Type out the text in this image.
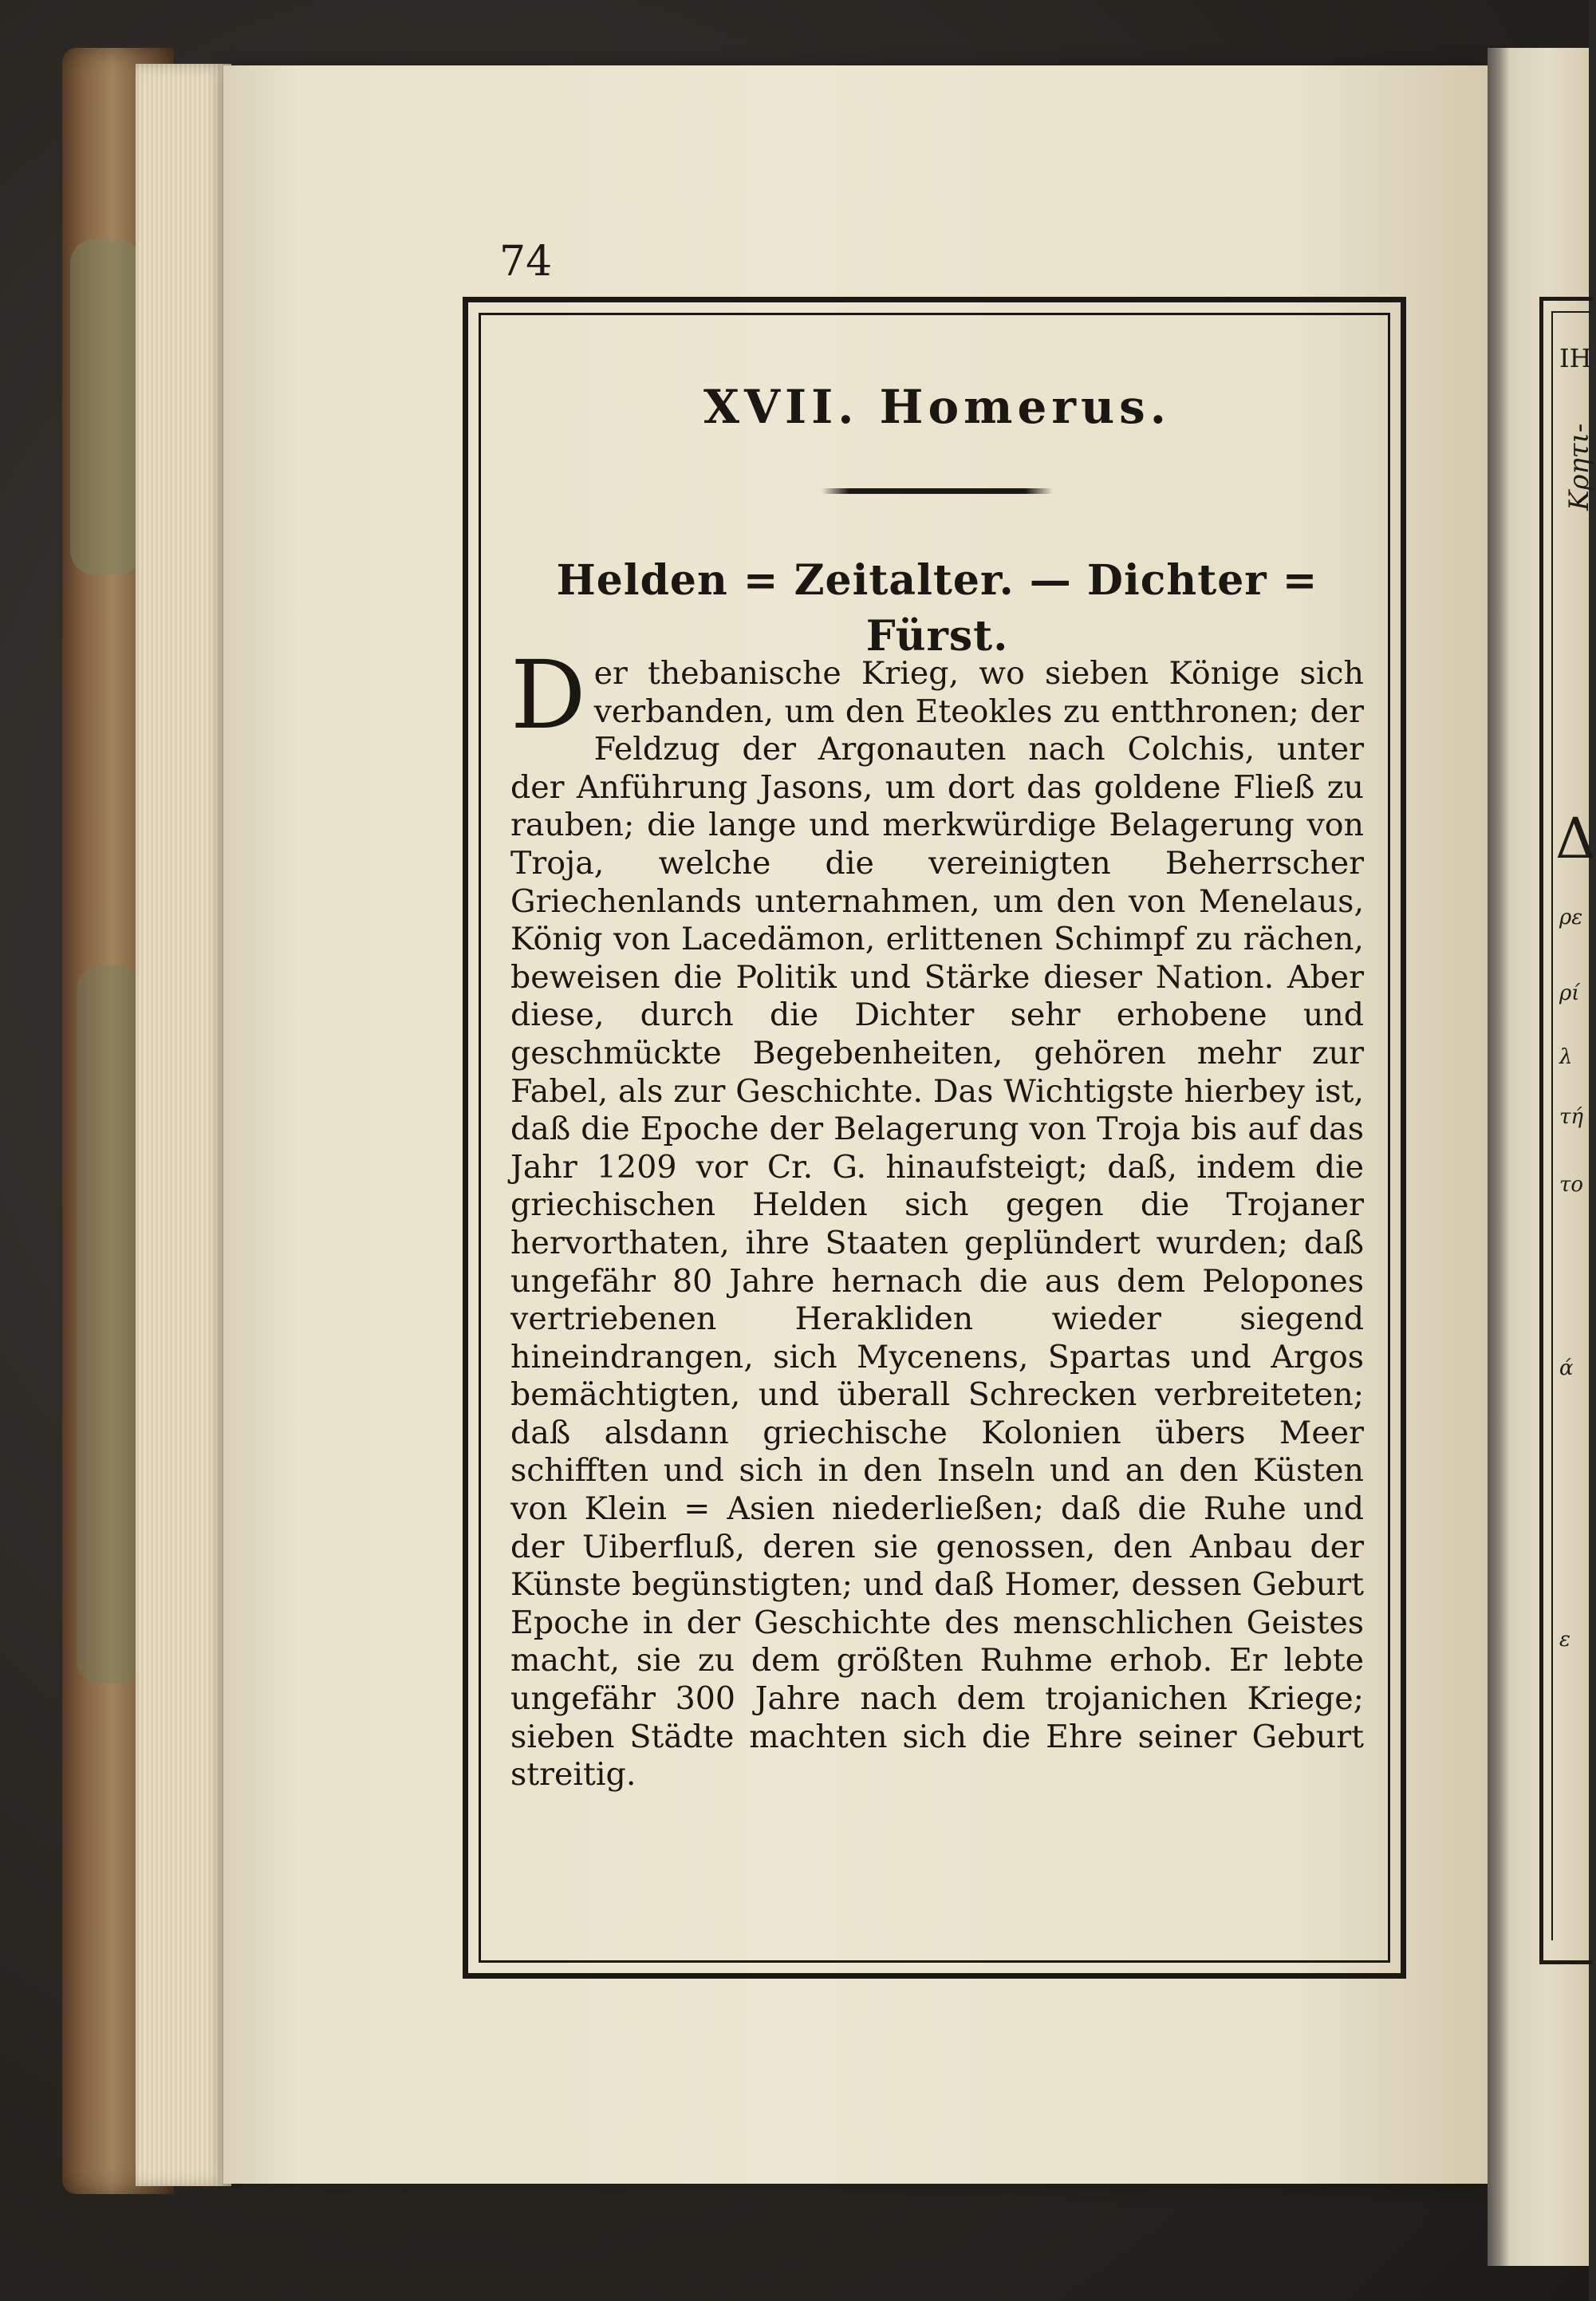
IH
Κρητι-
Δ
ρε
ρί
λ
τή
το
ά
ε
74
XVII. Homerus.
Helden = Zeitalter. — Dichter = Fürst.

Der thebanische Krieg, wo sieben Könige sich verbanden, um den Eteokles zu entthronen; der Feldzug der Argonauten nach Colchis, unter der Anführung Jasons, um dort das goldene Fließ zu rauben; die lange und merkwürdige Belagerung von Troja, welche die vereinigten Beherrscher Griechenlands unternahmen, um den von Menelaus, König von Lacedämon, erlittenen Schimpf zu rächen, beweisen die Politik und Stärke dieser Nation. Aber diese, durch die Dichter sehr erhobene und geschmückte Begebenheiten, gehören mehr zur Fabel, als zur Geschichte. Das Wichtigste hierbey ist, daß die Epoche der Belagerung von Troja bis auf das Jahr 1209 vor Cr. G. hinaufsteigt; daß, indem die griechischen Helden sich gegen die Trojaner hervorthaten, ihre Staaten geplündert wurden; daß ungefähr 80 Jahre hernach die aus dem Pelopones vertriebenen Herakliden wieder siegend hineindrangen, sich Mycenens, Spartas und Argos bemächtigten, und überall Schrecken verbreiteten; daß alsdann griechische Kolonien übers Meer schifften und sich in den Inseln und an den Küsten von Klein = Asien niederließen; daß die Ruhe und der Uiberfluß, deren sie genossen, den Anbau der Künste begünstigten; und daß Homer, dessen Geburt Epoche in der Geschichte des menschlichen Geistes macht, sie zu dem größten Ruhme erhob. Er lebte ungefähr 300 Jahre nach dem trojanichen Kriege; sieben Städte machten sich die Ehre seiner Geburt streitig.
